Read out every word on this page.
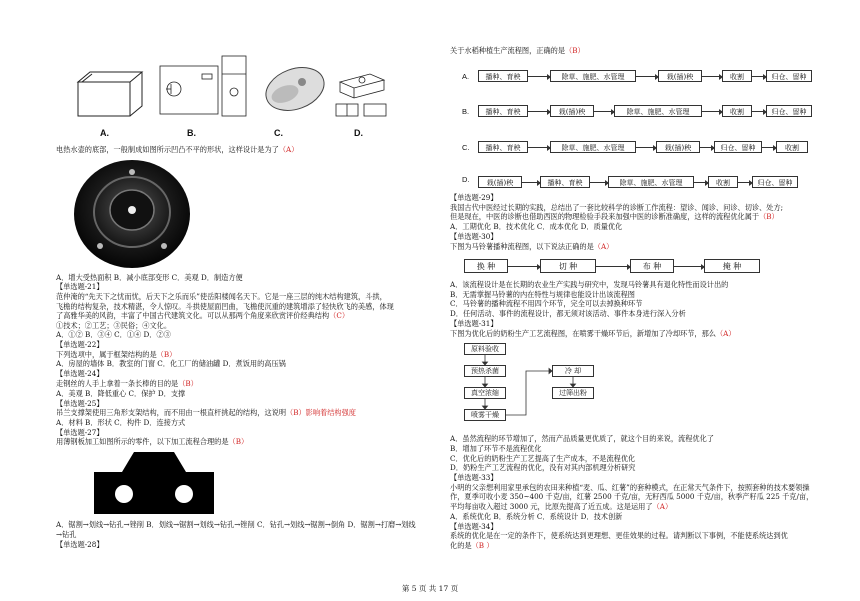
A.	B.	C.	D.
电热水壶的底部，一般制成如图所示凹凸不平的形状，这样设计是为了（A）
A．增大受热面积 B．减小底部变形 C．美观 D．制造方便
【单选题-21】
范仲淹的“先天下之忧而忧，后天下之乐而乐”使岳阳楼闻名天下。它是一座三层的纯木结构建筑，斗拱，
飞檐的结构复杂，技术精湛，令人惊叹。斗拱使屋面凹曲，飞檐使沉重的建筑增添了轻快欣飞的美感，体现
了高雅华美的风韵，丰富了中国古代建筑文化。可以从那两个角度来欣赏评价经典结构（C）
①技术；②工艺；③民俗；④文化。
A．①② B．③④ C．①④ D．②③
【单选题-22】
下列选项中，属于框架结构的是（B）
A．房屋的墙体 B．教室的门窗 C．化工厂的储油罐 D．煮饭用的高压锅
【单选题-24】
走钢丝的人手上拿着一条长棒的目的是（B）
A．美观 B．降低重心 C．保护 D．支撑
【单选题-25】
吊兰支撑架使用三角形支架结构，而不用由一根直杆挑起的结构，这说明（B）影响着结构强度
A．材料 B．形状 C．构件 D．连接方式
【单选题-27】
用薄钢板加工如图所示的零件，以下加工流程合理的是（B）
A．锯割→划线→钻孔→锉削 B．划线→锯割→划线→钻孔→锉削 C．钻孔→划线→锯割→倒角 D．锯割→打磨→划线
→钻孔
【单选题-28】
关于水稻种植生产流程图，正确的是（B）
A.	播种、育秧	除草、施肥、水管理	栽(插)秧	收割	归仓、留种
B.	播种、育秧	栽(插)秧	除草、施肥、水管理	收割	归仓、留种
C.	播种、育秧	除草、施肥、水管理	栽(插)秧	归仓、留种	收割
D.	栽(插)秧	播种、育秧	除草、施肥、水管理	收割	归仓、留种
【单选题-29】
我国古代中医经过长期的实践，总结出了一套比较科学的诊断工作流程：望诊、闻诊、问诊、切诊、处方;
但是现在，中医的诊断也借助西医的物理检验手段来加强中医的诊断准确度，这样的流程优化属于（B）
A．工期优化 B．技术优化 C．成本优化 D．质量优化
【单选题-30】
下图为马铃薯播种流程图，以下说法正确的是（A）
换 种	切 种	布 种	掩 种
A．该流程设计是在长期的农业生产实践与研究中，发现马铃薯具有退化特性而设计出的
B．无需掌握马铃薯的内在特性与规律也能设计出该流程图
C．马铃薯的播种流程不用四个环节，完全可以去掉换种环节
D．任何活动、事件的流程设计，都无须对该活动、事件本身进行深入分析
【单选题-31】
下图为优化后的奶粉生产工艺流程图，在喷雾干燥环节后，新增加了冷却环节，那么（A）
原料验收
预热杀菌
真空浓缩
喷雾干燥
冷 却
过筛出粉
A．虽然流程的环节增加了，然而产品质量更优质了，就这个目的来说，流程优化了
B．增加了环节不是流程优化
C．优化后的奶粉生产工艺提高了生产成本，不是流程优化
D．奶粉生产工艺流程的优化，没有对其内部机理分析研究
【单选题-33】
小明的父亲想利用家里承包的农田来种植“麦、瓜、红薯”的套种模式，在正常天气条件下，按照套种的技术要领操
作，夏季可收小麦 350~400 千克/亩，红薯 2500 千克/亩，无籽西瓜 5000 千克/亩，秋季产籽瓜 225 千克/亩，
平均每亩收入超过 3000 元，比原先提高了近五成。这是运用了（A）
A．系统优化 B．系统分析 C．系统设计 D．技术创新
【单选题-34】
系统的优化是在一定的条件下，使系统达到更理想、更佳效果的过程。请判断以下事例，不能使系统达到优
化的是（B ）
第 5 页 共 17 页
